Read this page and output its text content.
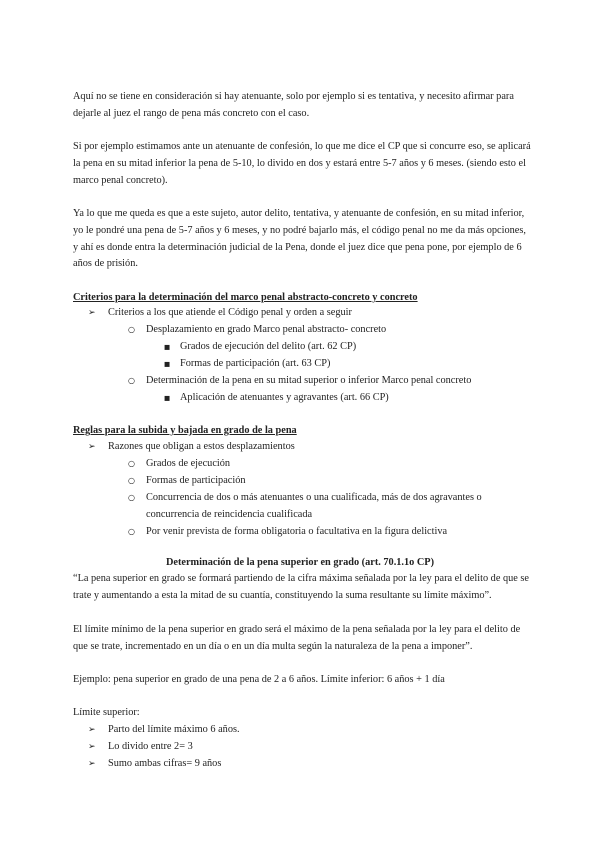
Aquí no se tiene en consideración si hay atenuante, solo por ejemplo si es tentativa, y necesito afirmar para dejarle al juez el rango de pena más concreto con el caso.

Si por ejemplo estimamos ante un atenuante de confesión, lo que me dice el CP que si concurre eso, se aplicará la pena en su mitad inferior la pena de 5-10, lo divido en dos y estará entre 5-7 años y 6 meses. (siendo esto el marco penal concreto).

Ya lo que me queda es que a este sujeto, autor delito, tentativa, y atenuante de confesión, en su mitad inferior, yo le pondré una pena de 5-7 años y 6 meses, y no podré bajarlo más, el código penal no me da más opciones, y ahí es donde entra la determinación judicial de la Pena, donde el juez dice que pena pone, por ejemplo de 6 años de prisión.

Criterios para la determinación del marco penal abstracto-concreto y concreto
➢	Criterios a los que atiende el Código penal y orden a seguir
○	Desplazamiento en grado Marco penal abstracto- concreto
■ Grados de ejecución del delito (art. 62 CP)
■ Formas de participación (art. 63 CP)
○	Determinación de la pena en su mitad superior o inferior Marco penal concreto
■ Aplicación de atenuantes y agravantes (art. 66 CP)
Reglas para la subida y bajada en grado de la pena
➢	Razones que obligan a estos desplazamientos
○	Grados de ejecución
○	Formas de participación
○	Concurrencia de dos o más atenuantes o una cualificada, más de dos agravantes o concurrencia de reincidencia cualificada
○	Por venir prevista de forma obligatoria o facultativa en la figura delictiva
Determinación de la pena superior en grado (art. 70.1.1o CP)

“La pena superior en grado se formará partiendo de la cifra máxima señalada por la ley para el delito de que se trate y aumentando a esta la mitad de su cuantía, constituyendo la suma resultante su límite máximo”.

El límite mínimo de la pena superior en grado será el máximo de la pena señalada por la ley para el delito de que se trate, incrementado en un día o en un día multa según la naturaleza de la pena a imponer”.

Ejemplo: pena superior en grado de una pena de 2 a 6 años. Límite inferior: 6 años + 1 día

Límite superior:

➢	Parto del límite máximo 6 años.
➢	Lo divido entre 2= 3
➢	Sumo ambas cifras= 9 años
